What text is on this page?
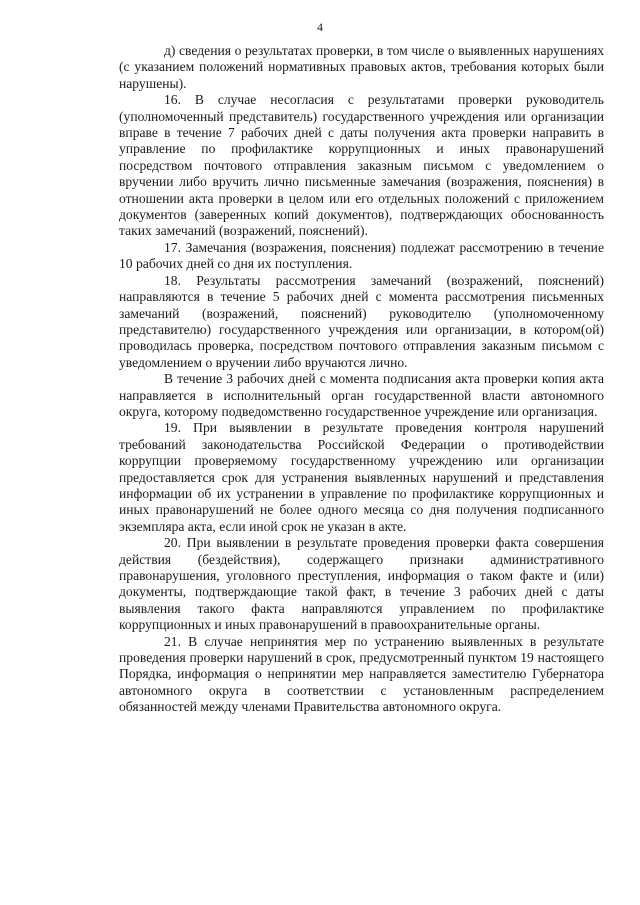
4

д) сведения о результатах проверки, в том числе о выявленных нарушениях (с указанием положений нормативных правовых актов, требования которых были нарушены).

16. В случае несогласия с результатами проверки руководитель (уполномоченный представитель) государственного учреждения или организации вправе в течение 7 рабочих дней с даты получения акта проверки направить в управление по профилактике коррупционных и иных правонарушений посредством почтового отправления заказным письмом с уведомлением о вручении либо вручить лично письменные замечания (возражения, пояснения) в отношении акта проверки в целом или его отдельных положений с приложением документов (заверенных копий документов), подтверждающих обоснованность таких замечаний (возражений, пояснений).

17. Замечания (возражения, пояснения) подлежат рассмотрению в течение 10 рабочих дней со дня их поступления.

18. Результаты рассмотрения замечаний (возражений, пояснений) направляются в течение 5 рабочих дней с момента рассмотрения письменных замечаний (возражений, пояснений) руководителю (уполномоченному представителю) государственного учреждения или организации, в котором(ой) проводилась проверка, посредством почтового отправления заказным письмом с уведомлением о вручении либо вручаются лично.

В течение 3 рабочих дней с момента подписания акта проверки копия акта направляется в исполнительный орган государственной власти автономного округа, которому подведомственно государственное учреждение или организация.

19. При выявлении в результате проведения контроля нарушений требований законодательства Российской Федерации о противодействии коррупции проверяемому государственному учреждению или организации предоставляется срок для устранения выявленных нарушений и представления информации об их устранении в управление по профилактике коррупционных и иных правонарушений не более одного месяца со дня получения подписанного экземпляра акта, если иной срок не указан в акте.

20. При выявлении в результате проведения проверки факта совершения действия (бездействия), содержащего признаки административного правонарушения, уголовного преступления, информация о таком факте и (или) документы, подтверждающие такой факт, в течение 3 рабочих дней с даты выявления такого факта направляются управлением по профилактике коррупционных и иных правонарушений в правоохранительные органы.

21. В случае непринятия мер по устранению выявленных в результате проведения проверки нарушений в срок, предусмотренный пунктом 19 настоящего Порядка, информация о непринятии мер направляется заместителю Губернатора автономного округа в соответствии с установленным распределением обязанностей между членами Правительства автономного округа.
